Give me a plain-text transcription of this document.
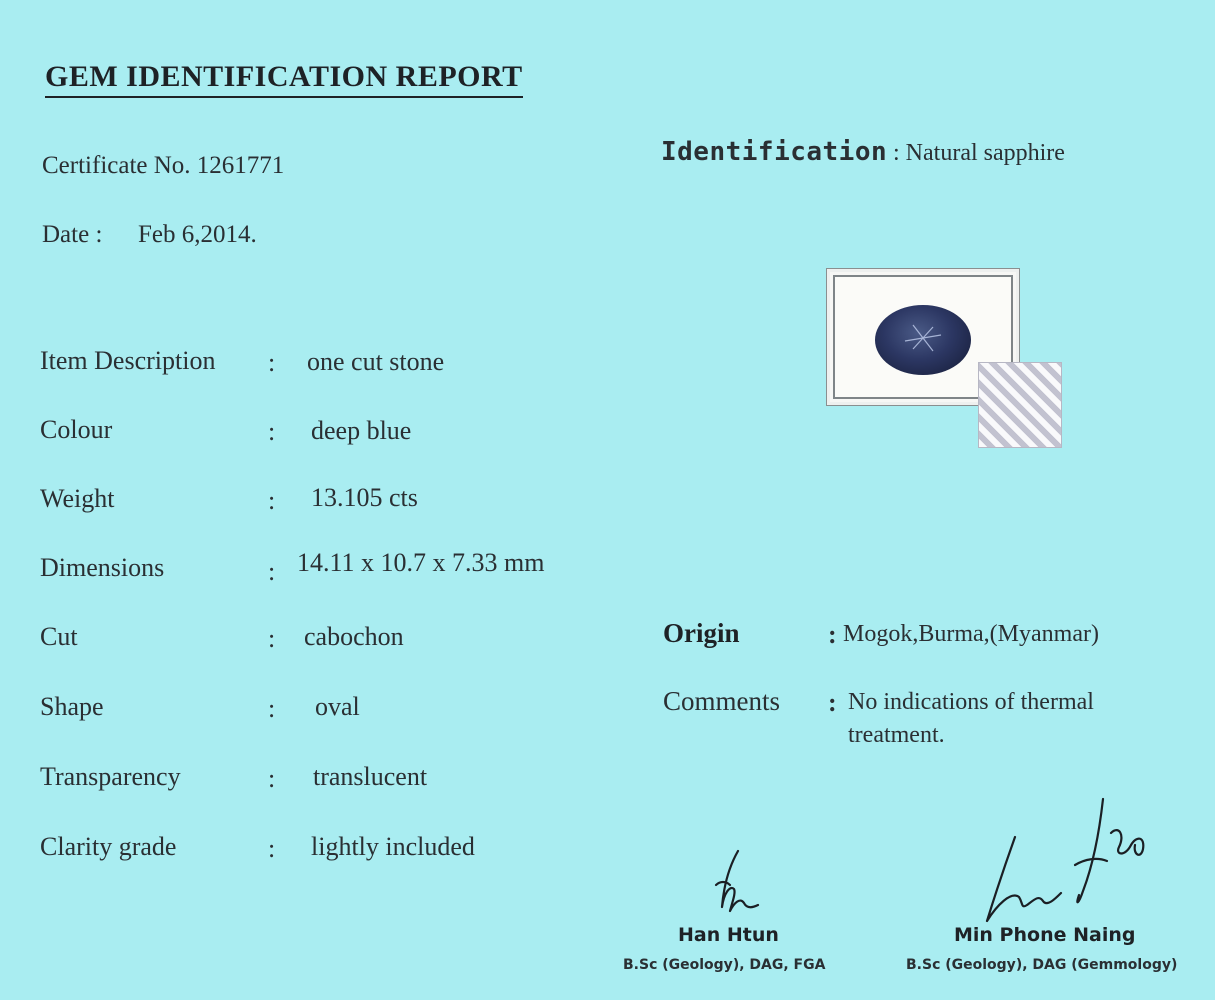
GEM IDENTIFICATION REPORT
Certificate No. 1261771
Date : Feb 6,2014.
Item Description : one cut stone
Colour	: deep blue
Weight	: 13.105 cts
Dimensions	: 14.11 x 10.7 x 7.33 mm
Cut	: cabochon
Shape	: oval
Transparency	: translucent
Clarity grade	: lightly included
Identification : Natural sapphire
Origin	: Mogok,Burma,(Myanmar)
Comments : No indications of thermal
treatment.
Han Htun
B.Sc (Geology), DAG, FGA
Min Phone Naing
B.Sc (Geology), DAG (Gemmology)
